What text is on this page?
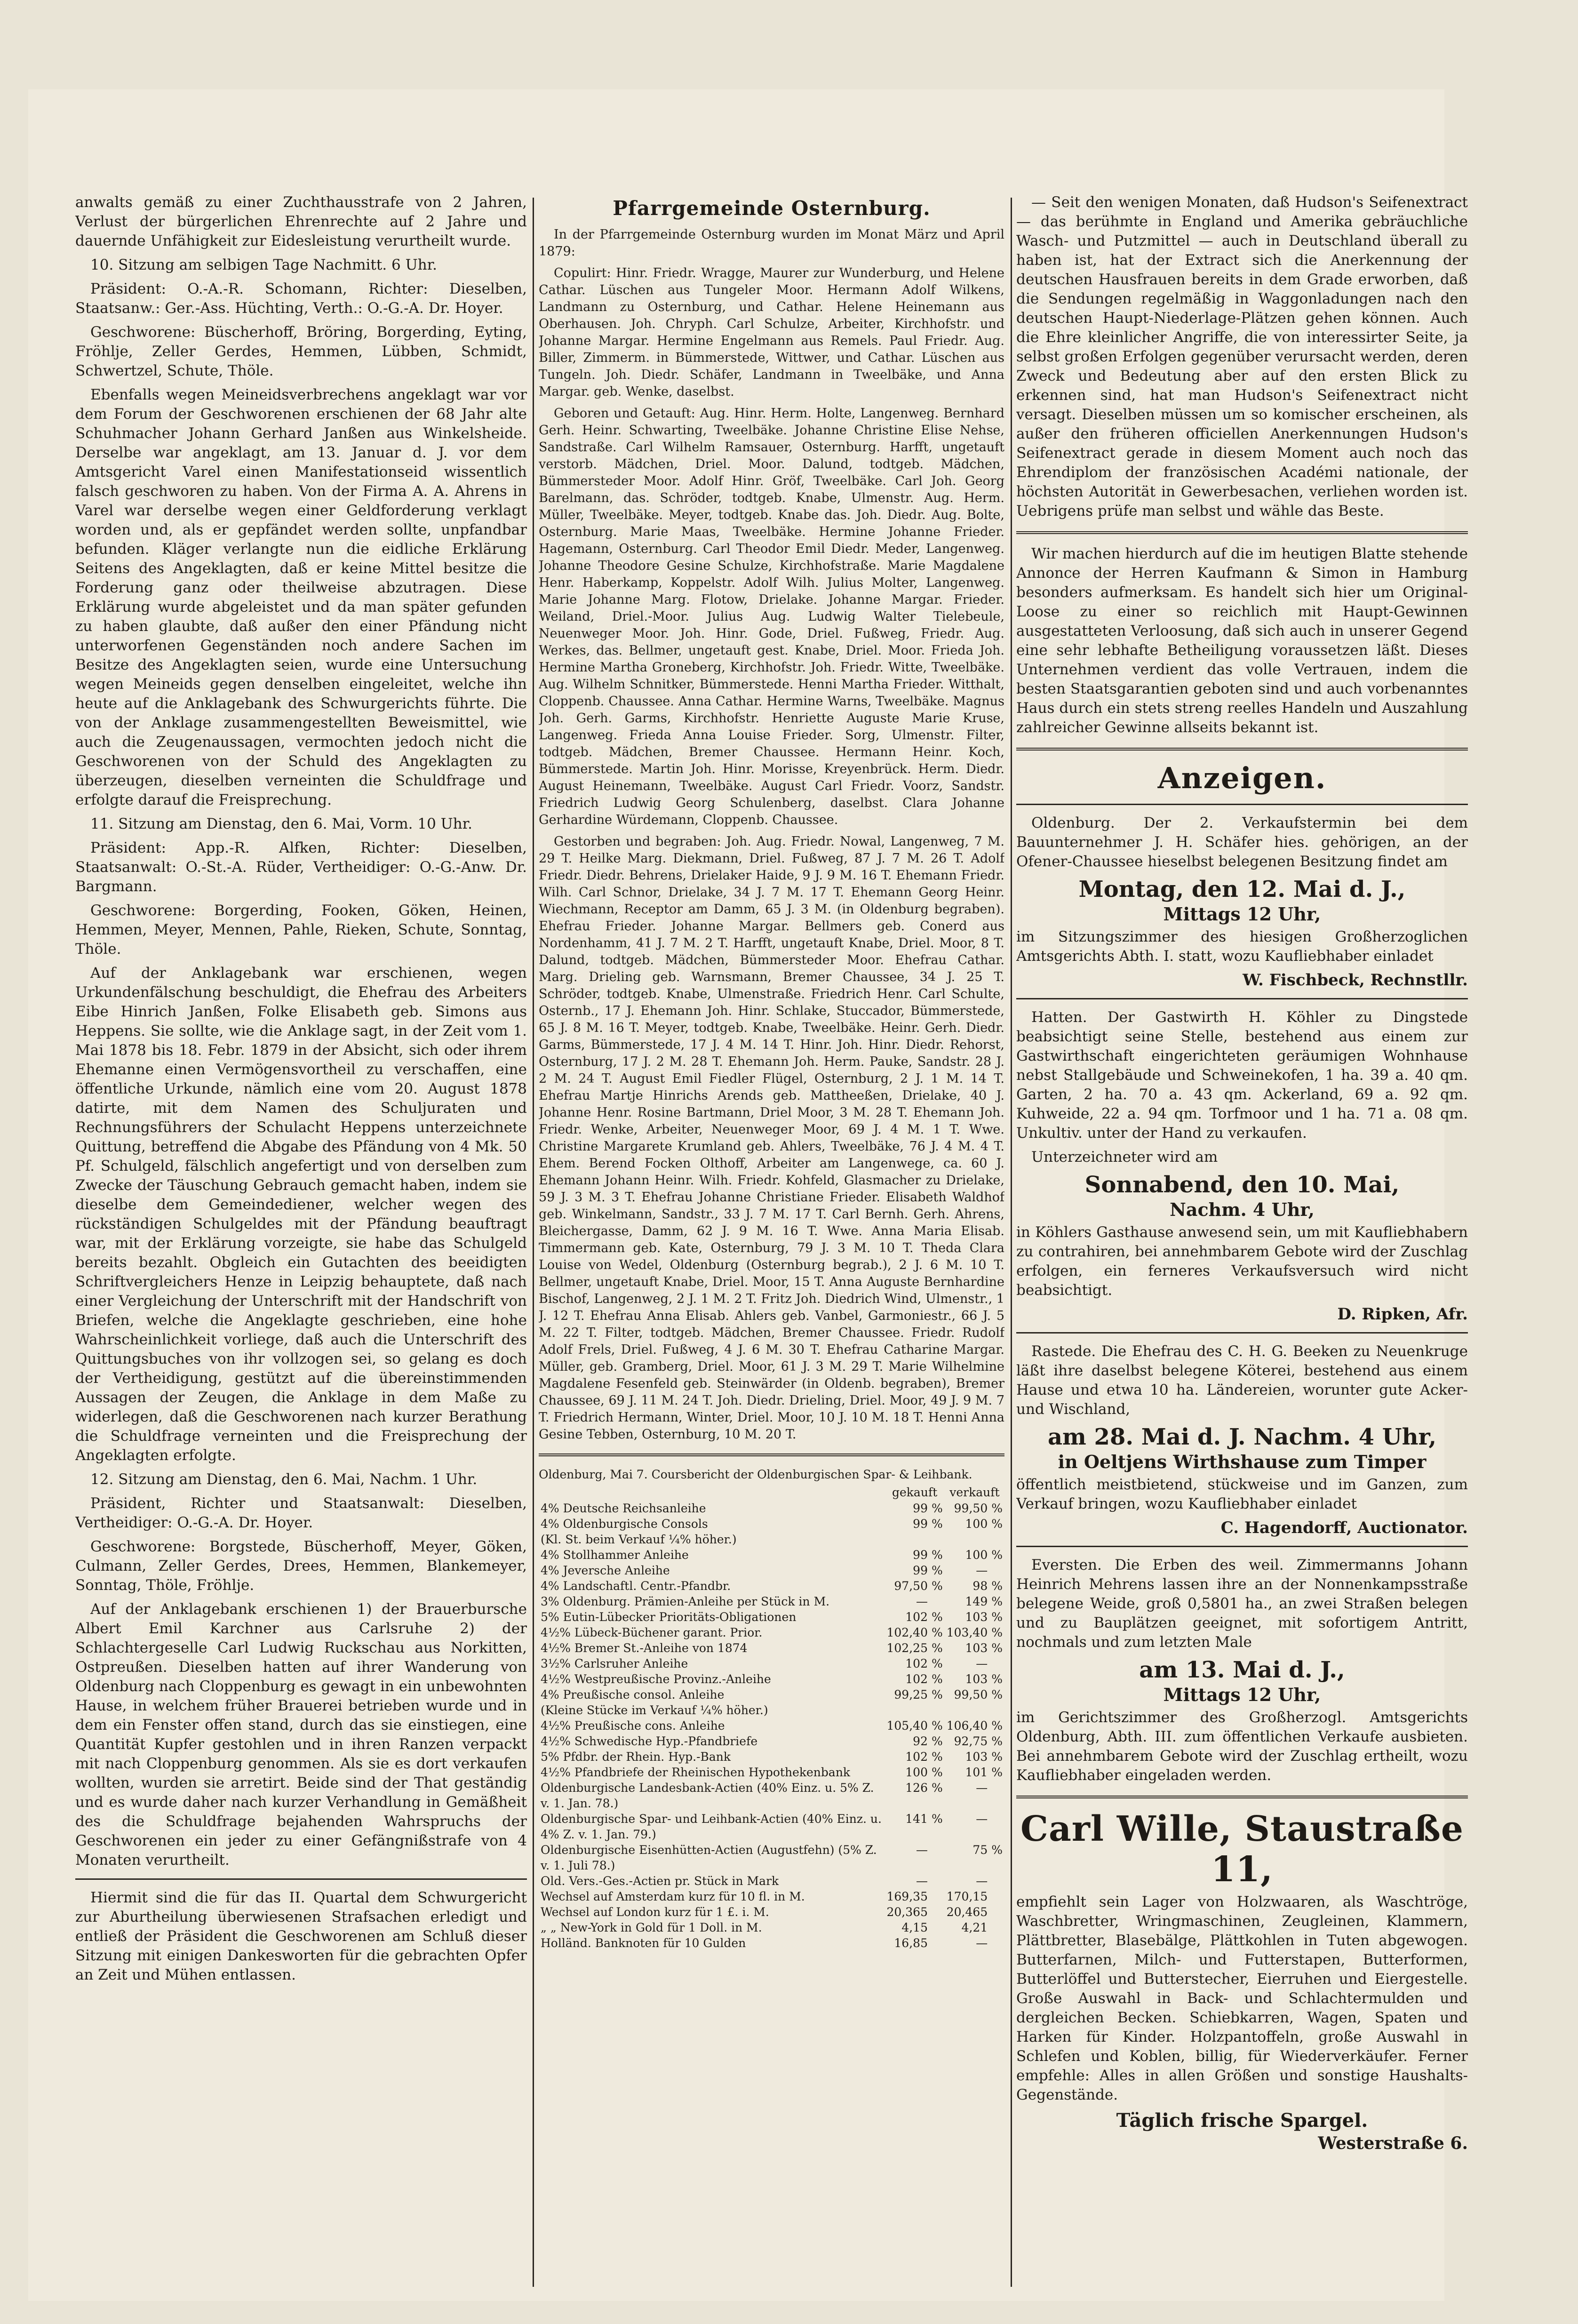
anwalts gemäß zu einer Zuchthausstrafe von 2 Jahren, Verlust der bürgerlichen Ehrenrechte auf 2 Jahre und dauernde Unfähigkeit zur Eidesleistung verurtheilt wurde.

10. Sitzung am selbigen Tage Nachmitt. 6 Uhr.

Präsident: O.-A.-R. Schomann, Richter: Dieselben, Staatsanw.: Ger.-Ass. Hüchting, Verth.: O.-G.-A. Dr. Hoyer.

Geschworene: Büscherhoff, Bröring, Borgerding, Eyting, Fröhlje, Zeller Gerdes, Hemmen, Lübben, Schmidt, Schwertzel, Schute, Thöle.

Ebenfalls wegen Meineidsverbrechens angeklagt war vor dem Forum der Geschworenen erschienen der 68 Jahr alte Schuhmacher Johann Gerhard Janßen aus Winkelsheide. Derselbe war angeklagt, am 13. Januar d. J. vor dem Amtsgericht Varel einen Manifestationseid wissentlich falsch geschworen zu haben. Von der Firma A. A. Ahrens in Varel war derselbe wegen einer Geldforderung verklagt worden und, als er gepfändet werden sollte, unpfandbar befunden. Kläger verlangte nun die eidliche Erklärung Seitens des Angeklagten, daß er keine Mittel besitze die Forderung ganz oder theilweise abzutragen. Diese Erklärung wurde abgeleistet und da man später gefunden zu haben glaubte, daß außer den einer Pfändung nicht unterworfenen Gegenständen noch andere Sachen im Besitze des Angeklagten seien, wurde eine Untersuchung wegen Meineids gegen denselben eingeleitet, welche ihn heute auf die Anklagebank des Schwurgerichts führte. Die von der Anklage zusammengestellten Beweismittel, wie auch die Zeugenaussagen, vermochten jedoch nicht die Geschworenen von der Schuld des Angeklagten zu überzeugen, dieselben verneinten die Schuldfrage und erfolgte darauf die Freisprechung.

11. Sitzung am Dienstag, den 6. Mai, Vorm. 10 Uhr.

Präsident: App.-R. Alfken, Richter: Dieselben, Staatsanwalt: O.-St.-A. Rüder, Vertheidiger: O.-G.-Anw. Dr. Bargmann.

Geschworene: Borgerding, Fooken, Göken, Heinen, Hemmen, Meyer, Mennen, Pahle, Rieken, Schute, Sonntag, Thöle.

Auf der Anklagebank war erschienen, wegen Urkundenfälschung beschuldigt, die Ehefrau des Arbeiters Eibe Hinrich Janßen, Folke Elisabeth geb. Simons aus Heppens. Sie sollte, wie die Anklage sagt, in der Zeit vom 1. Mai 1878 bis 18. Febr. 1879 in der Absicht, sich oder ihrem Ehemanne einen Vermögensvortheil zu verschaffen, eine öffentliche Urkunde, nämlich eine vom 20. August 1878 datirte, mit dem Namen des Schuljuraten und Rechnungsführers der Schulacht Heppens unterzeichnete Quittung, betreffend die Abgabe des Pfändung von 4 Mk. 50 Pf. Schulgeld, fälschlich angefertigt und von derselben zum Zwecke der Täuschung Gebrauch gemacht haben, indem sie dieselbe dem Gemeindediener, welcher wegen des rückständigen Schulgeldes mit der Pfändung beauftragt war, mit der Erklärung vorzeigte, sie habe das Schulgeld bereits bezahlt. Obgleich ein Gutachten des beeidigten Schriftvergleichers Henze in Leipzig behauptete, daß nach einer Vergleichung der Unterschrift mit der Handschrift von Briefen, welche die Angeklagte geschrieben, eine hohe Wahrscheinlichkeit vorliege, daß auch die Unterschrift des Quittungsbuches von ihr vollzogen sei, so gelang es doch der Vertheidigung, gestützt auf die übereinstimmenden Aussagen der Zeugen, die Anklage in dem Maße zu widerlegen, daß die Geschworenen nach kurzer Berathung die Schuldfrage verneinten und die Freisprechung der Angeklagten erfolgte.

12. Sitzung am Dienstag, den 6. Mai, Nachm. 1 Uhr.

Präsident, Richter und Staatsanwalt: Dieselben, Vertheidiger: O.-G.-A. Dr. Hoyer.

Geschworene: Borgstede, Büscherhoff, Meyer, Göken, Culmann, Zeller Gerdes, Drees, Hemmen, Blankemeyer, Sonntag, Thöle, Fröhlje.

Auf der Anklagebank erschienen 1) der Brauerbursche Albert Emil Karchner aus Carlsruhe 2) der Schlachtergeselle Carl Ludwig Ruckschau aus Norkitten, Ostpreußen. Dieselben hatten auf ihrer Wanderung von Oldenburg nach Cloppenburg es gewagt in ein unbewohnten Hause, in welchem früher Brauerei betrieben wurde und in dem ein Fenster offen stand, durch das sie einstiegen, eine Quantität Kupfer gestohlen und in ihren Ranzen verpackt mit nach Cloppenburg genommen. Als sie es dort verkaufen wollten, wurden sie arretirt. Beide sind der That geständig und es wurde daher nach kurzer Verhandlung in Gemäßheit des die Schuldfrage bejahenden Wahrspruchs der Geschworenen ein jeder zu einer Gefängnißstrafe von 4 Monaten verurtheilt.

Hiermit sind die für das II. Quartal dem Schwurgericht zur Aburtheilung überwiesenen Strafsachen erledigt und entließ der Präsident die Geschworenen am Schluß dieser Sitzung mit einigen Dankesworten für die gebrachten Opfer an Zeit und Mühen entlassen.

Pfarrgemeinde Osternburg.

In der Pfarrgemeinde Osternburg wurden im Monat März und April 1879:

Copulirt: Hinr. Friedr. Wragge, Maurer zur Wunderburg, und Helene Cathar. Lüschen aus Tungeler Moor. Hermann Adolf Wilkens, Landmann zu Osternburg, und Cathar. Helene Heinemann aus Oberhausen. Joh. Chryph. Carl Schulze, Arbeiter, Kirchhofstr. und Johanne Margar. Hermine Engelmann aus Remels. Paul Friedr. Aug. Biller, Zimmerm. in Bümmerstede, Wittwer, und Cathar. Lüschen aus Tungeln. Joh. Diedr. Schäfer, Landmann in Tweelbäke, und Anna Margar. geb. Wenke, daselbst.

Geboren und Getauft: Aug. Hinr. Herm. Holte, Langenweg. Bernhard Gerh. Heinr. Schwarting, Tweelbäke. Johanne Christine Elise Nehse, Sandstraße. Carl Wilhelm Ramsauer, Osternburg. Harfft, ungetauft verstorb. Mädchen, Driel. Moor. Dalund, todtgeb. Mädchen, Bümmersteder Moor. Adolf Hinr. Gröf, Tweelbäke. Carl Joh. Georg Barelmann, das. Schröder, todtgeb. Knabe, Ulmenstr. Aug. Herm. Müller, Tweelbäke. Meyer, todtgeb. Knabe das. Joh. Diedr. Aug. Bolte, Osternburg. Marie Maas, Tweelbäke. Hermine Johanne Frieder. Hagemann, Osternburg. Carl Theodor Emil Diedr. Meder, Langenweg. Johanne Theodore Gesine Schulze, Kirchhofstraße. Marie Magdalene Henr. Haberkamp, Koppelstr. Adolf Wilh. Julius Molter, Langenweg. Marie Johanne Marg. Flotow, Drielake. Johanne Margar. Frieder. Weiland, Driel.-Moor. Julius Aug. Ludwig Walter Tielebeule, Neuenweger Moor. Joh. Hinr. Gode, Driel. Fußweg, Friedr. Aug. Werkes, das. Bellmer, ungetauft gest. Knabe, Driel. Moor. Frieda Joh. Hermine Martha Groneberg, Kirchhofstr. Joh. Friedr. Witte, Tweelbäke. Aug. Wilhelm Schnitker, Bümmerstede. Henni Martha Frieder. Witthalt, Cloppenb. Chaussee. Anna Cathar. Hermine Warns, Tweelbäke. Magnus Joh. Gerh. Garms, Kirchhofstr. Henriette Auguste Marie Kruse, Langenweg. Frieda Anna Louise Frieder. Sorg, Ulmenstr. Filter, todtgeb. Mädchen, Bremer Chaussee. Hermann Heinr. Koch, Bümmerstede. Martin Joh. Hinr. Morisse, Kreyenbrück. Herm. Diedr. August Heinemann, Tweelbäke. August Carl Friedr. Voorz, Sandstr. Friedrich Ludwig Georg Schulenberg, daselbst. Clara Johanne Gerhardine Würdemann, Cloppenb. Chaussee.

Gestorben und begraben: Joh. Aug. Friedr. Nowal, Langenweg, 7 M. 29 T. Heilke Marg. Diekmann, Driel. Fußweg, 87 J. 7 M. 26 T. Adolf Friedr. Diedr. Behrens, Drielaker Haide, 9 J. 9 M. 16 T. Ehemann Friedr. Wilh. Carl Schnor, Drielake, 34 J. 7 M. 17 T. Ehemann Georg Heinr. Wiechmann, Receptor am Damm, 65 J. 3 M. (in Oldenburg begraben). Ehefrau Frieder. Johanne Margar. Bellmers geb. Conerd aus Nordenhamm, 41 J. 7 M. 2 T. Harfft, ungetauft Knabe, Driel. Moor, 8 T. Dalund, todtgeb. Mädchen, Bümmersteder Moor. Ehefrau Cathar. Marg. Drieling geb. Warnsmann, Bremer Chaussee, 34 J. 25 T. Schröder, todtgeb. Knabe, Ulmenstraße. Friedrich Henr. Carl Schulte, Osternb., 17 J. Ehemann Joh. Hinr. Schlake, Stuccador, Bümmerstede, 65 J. 8 M. 16 T. Meyer, todtgeb. Knabe, Tweelbäke. Heinr. Gerh. Diedr. Garms, Bümmerstede, 17 J. 4 M. 14 T. Hinr. Joh. Hinr. Diedr. Rehorst, Osternburg, 17 J. 2 M. 28 T. Ehemann Joh. Herm. Pauke, Sandstr. 28 J. 2 M. 24 T. August Emil Fiedler Flügel, Osternburg, 2 J. 1 M. 14 T. Ehefrau Martje Hinrichs Arends geb. Mattheeßen, Drielake, 40 J. Johanne Henr. Rosine Bartmann, Driel Moor, 3 M. 28 T. Ehemann Joh. Friedr. Wenke, Arbeiter, Neuenweger Moor, 69 J. 4 M. 1 T. Wwe. Christine Margarete Krumland geb. Ahlers, Tweelbäke, 76 J. 4 M. 4 T. Ehem. Berend Focken Olthoff, Arbeiter am Langenwege, ca. 60 J. Ehemann Johann Heinr. Wilh. Friedr. Kohfeld, Glasmacher zu Drielake, 59 J. 3 M. 3 T. Ehefrau Johanne Christiane Frieder. Elisabeth Waldhof geb. Winkelmann, Sandstr., 33 J. 7 M. 17 T. Carl Bernh. Gerh. Ahrens, Bleichergasse, Damm, 62 J. 9 M. 16 T. Wwe. Anna Maria Elisab. Timmermann geb. Kate, Osternburg, 79 J. 3 M. 10 T. Theda Clara Louise von Wedel, Oldenburg (Osternburg begrab.), 2 J. 6 M. 10 T. Bellmer, ungetauft Knabe, Driel. Moor, 15 T. Anna Auguste Bernhardine Bischof, Langenweg, 2 J. 1 M. 2 T. Fritz Joh. Diedrich Wind, Ulmenstr., 1 J. 12 T. Ehefrau Anna Elisab. Ahlers geb. Vanbel, Garmoniestr., 66 J. 5 M. 22 T. Filter, todtgeb. Mädchen, Bremer Chaussee. Friedr. Rudolf Adolf Frels, Driel. Fußweg, 4 J. 6 M. 30 T. Ehefrau Catharine Margar. Müller, geb. Gramberg, Driel. Moor, 61 J. 3 M. 29 T. Marie Wilhelmine Magdalene Fesenfeld geb. Steinwärder (in Oldenb. begraben), Bremer Chaussee, 69 J. 11 M. 24 T. Joh. Diedr. Drieling, Driel. Moor, 49 J. 9 M. 7 T. Friedrich Hermann, Winter, Driel. Moor, 10 J. 10 M. 18 T. Henni Anna Gesine Tebben, Osternburg, 10 M. 20 T.

Oldenburg, Mai 7. Coursbericht der Oldenburgischen Spar- & Leihbank.
	gekauft		verkauft	
4% Deutsche Reichsanleihe	99	%	99,50	%
4% Oldenburgische Consols	99	%	100	%
(Kl. St. beim Verkauf ¼% höher.)				
4% Stollhammer Anleihe	99	%	100	%
4% Jeversche Anleihe	99	%	—	
4% Landschaftl. Centr.-Pfandbr.	97,50	%	98	%
3% Oldenburg. Prämien-Anleihe per Stück in M.	—		149	%
5% Eutin-Lübecker Prioritäts-Obligationen	102	%	103	%
4½% Lübeck-Büchener garant. Prior.	102,40	%	103,40	%
4½% Bremer St.-Anleihe von 1874	102,25	%	103	%
3½% Carlsruher Anleihe	102	%	—	
4½% Westpreußische Provinz.-Anleihe	102	%	103	%
4% Preußische consol. Anleihe	99,25	%	99,50	%
(Kleine Stücke im Verkauf ¼% höher.)				
4½% Preußische cons. Anleihe	105,40	%	106,40	%
4½% Schwedische Hyp.-Pfandbriefe	92	%	92,75	%
5% Pfdbr. der Rhein. Hyp.-Bank	102	%	103	%
4½% Pfandbriefe der Rheinischen Hypothekenbank	100	%	101	%
Oldenburgische Landesbank-Actien (40% Einz. u. 5% Z. v. 1. Jan. 78.)	126	%	—	
Oldenburgische Spar- und Leihbank-Actien (40% Einz. u. 4% Z. v. 1. Jan. 79.)	141	%	—	
Oldenburgische Eisenhütten-Actien (Augustfehn) (5% Z. v. 1. Juli 78.)	—		75	%
Old. Vers.-Ges.-Actien pr. Stück in Mark	—		—	
Wechsel auf Amsterdam kurz für 10 fl. in M.	169,35		170,15	
Wechsel auf London kurz für 1 £. i. M.	20,365		20,465	
„ „ New-York in Gold für 1 Doll. in M.	4,15		4,21	
Holländ. Banknoten für 10 Gulden	16,85		—	

— Seit den wenigen Monaten, daß Hudson's Seifenextract — das berühmte in England und Amerika gebräuchliche Wasch- und Putzmittel — auch in Deutschland überall zu haben ist, hat der Extract sich die Anerkennung der deutschen Hausfrauen bereits in dem Grade erworben, daß die Sendungen regelmäßig in Waggonladungen nach den deutschen Haupt-Niederlage-Plätzen gehen können. Auch die Ehre kleinlicher Angriffe, die von interessirter Seite, ja selbst großen Erfolgen gegenüber verursacht werden, deren Zweck und Bedeutung aber auf den ersten Blick zu erkennen sind, hat man Hudson's Seifenextract nicht versagt. Dieselben müssen um so komischer erscheinen, als außer den früheren officiellen Anerkennungen Hudson's Seifenextract gerade in diesem Moment auch noch das Ehrendiplom der französischen Académi nationale, der höchsten Autorität in Gewerbesachen, verliehen worden ist. Uebrigens prüfe man selbst und wähle das Beste.

Wir machen hierdurch auf die im heutigen Blatte stehende Annonce der Herren Kaufmann & Simon in Hamburg besonders aufmerksam. Es handelt sich hier um Original-Loose zu einer so reichlich mit Haupt-Gewinnen ausgestatteten Verloosung, daß sich auch in unserer Gegend eine sehr lebhafte Betheiligung voraussetzen läßt. Dieses Unternehmen verdient das volle Vertrauen, indem die besten Staatsgarantien geboten sind und auch vorbenanntes Haus durch ein stets streng reelles Handeln und Auszahlung zahlreicher Gewinne allseits bekannt ist.

Anzeigen.

Oldenburg. Der 2. Verkaufstermin bei dem Bauunternehmer J. H. Schäfer hies. gehörigen, an der Ofener-Chaussee hieselbst belegenen Besitzung findet am

Montag, den 12. Mai d. J.,
Mittags 12 Uhr,

im Sitzungszimmer des hiesigen Großherzoglichen Amtsgerichts Abth. I. statt, wozu Kaufliebhaber einladet

W. Fischbeck, Rechnstllr.

Hatten. Der Gastwirth H. Köhler zu Dingstede beabsichtigt seine Stelle, bestehend aus einem zur Gastwirthschaft eingerichteten geräumigen Wohnhause nebst Stallgebäude und Schweinekofen, 1 ha. 39 a. 40 qm. Garten, 2 ha. 70 a. 43 qm. Ackerland, 69 a. 92 qm. Kuhweide, 22 a. 94 qm. Torfmoor und 1 ha. 71 a. 08 qm. Unkultiv. unter der Hand zu verkaufen.

Unterzeichneter wird am

Sonnabend, den 10. Mai,
Nachm. 4 Uhr,

in Köhlers Gasthause anwesend sein, um mit Kaufliebhabern zu contrahiren, bei annehmbarem Gebote wird der Zuschlag erfolgen, ein ferneres Verkaufsversuch wird nicht beabsichtigt.

D. Ripken, Afr.

Rastede. Die Ehefrau des C. H. G. Beeken zu Neuenkruge läßt ihre daselbst belegene Köterei, bestehend aus einem Hause und etwa 10 ha. Ländereien, worunter gute Acker- und Wischland,

am 28. Mai d. J. Nachm. 4 Uhr,
in Oeltjens Wirthshause zum Timper

öffentlich meistbietend, stückweise und im Ganzen, zum Verkauf bringen, wozu Kaufliebhaber einladet

C. Hagendorff, Auctionator.

Eversten. Die Erben des weil. Zimmermanns Johann Heinrich Mehrens lassen ihre an der Nonnenkampsstraße belegene Weide, groß 0,5801 ha., an zwei Straßen belegen und zu Bauplätzen geeignet, mit sofortigem Antritt, nochmals und zum letzten Male

am 13. Mai d. J.,
Mittags 12 Uhr,

im Gerichtszimmer des Großherzogl. Amtsgerichts Oldenburg, Abth. III. zum öffentlichen Verkaufe ausbieten. Bei annehmbarem Gebote wird der Zuschlag ertheilt, wozu Kaufliebhaber eingeladen werden.

Carl Wille, Staustraße 11,

empfiehlt sein Lager von Holzwaaren, als Waschtröge, Waschbretter, Wringmaschinen, Zeugleinen, Klammern, Plättbretter, Blasebälge, Plättkohlen in Tuten abgewogen. Butterfarnen, Milch- und Futterstapen, Butterformen, Butterlöffel und Butterstecher, Eierruhen und Eiergestelle. Große Auswahl in Back- und Schlachtermulden und dergleichen Becken. Schiebkarren, Wagen, Spaten und Harken für Kinder. Holzpantoffeln, große Auswahl in Schlefen und Koblen, billig, für Wiederverkäufer. Ferner empfehle: Alles in allen Größen und sonstige Haushalts-Gegenstände.

Täglich frische Spargel.
Westerstraße 6.
